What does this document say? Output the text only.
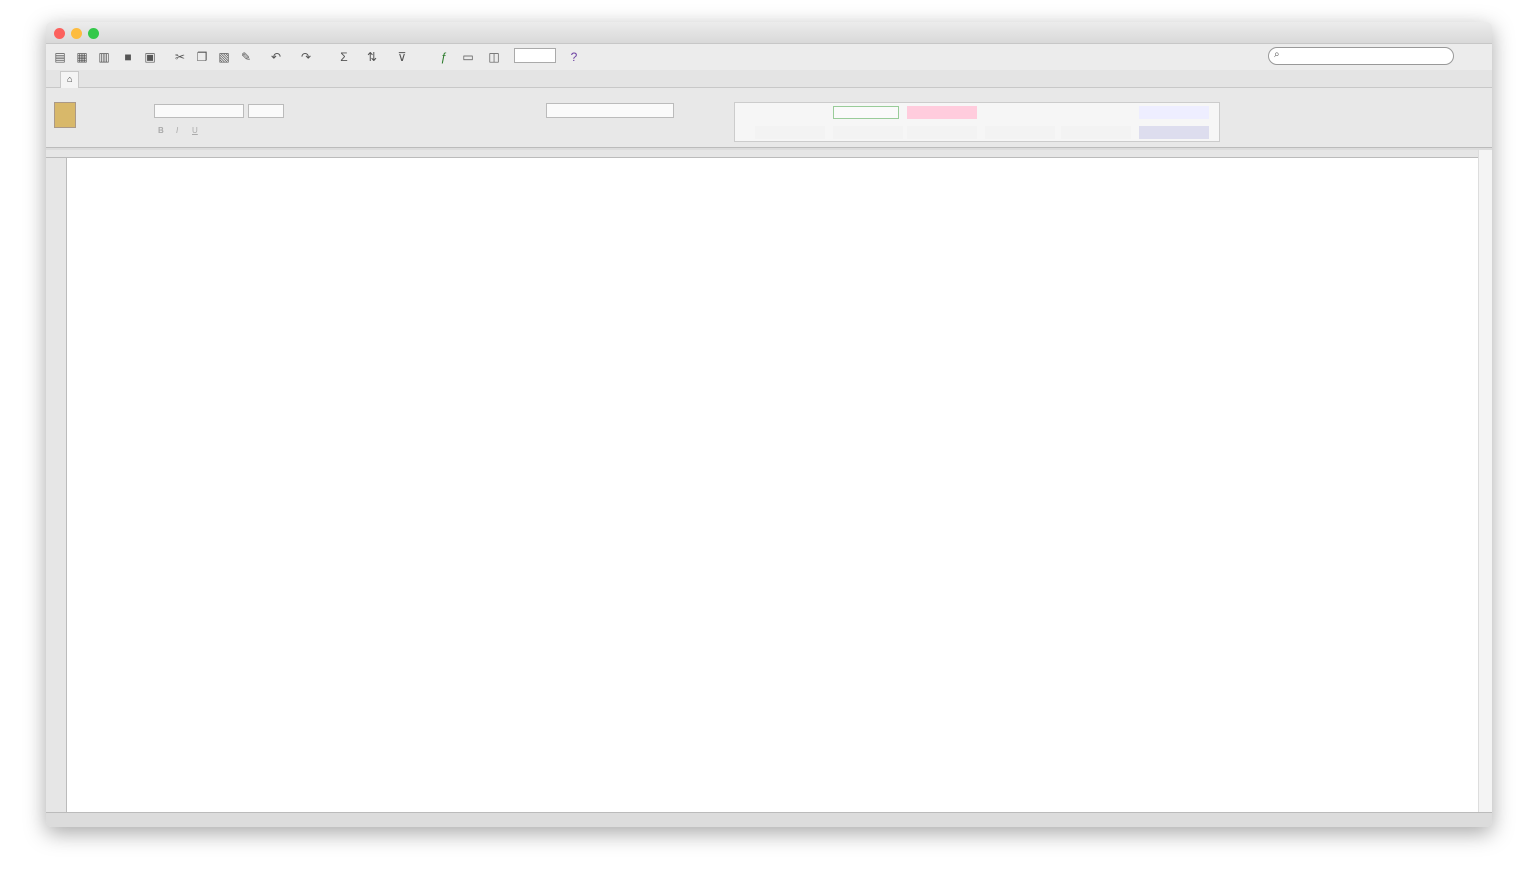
▤ ▦ ▥	■	▣ ✂ ❐ ▧ ✎ ↶ ↷	Σ	⇅ ⊽	ƒ	▭ ◫	?	⌕
⌂
B I U
